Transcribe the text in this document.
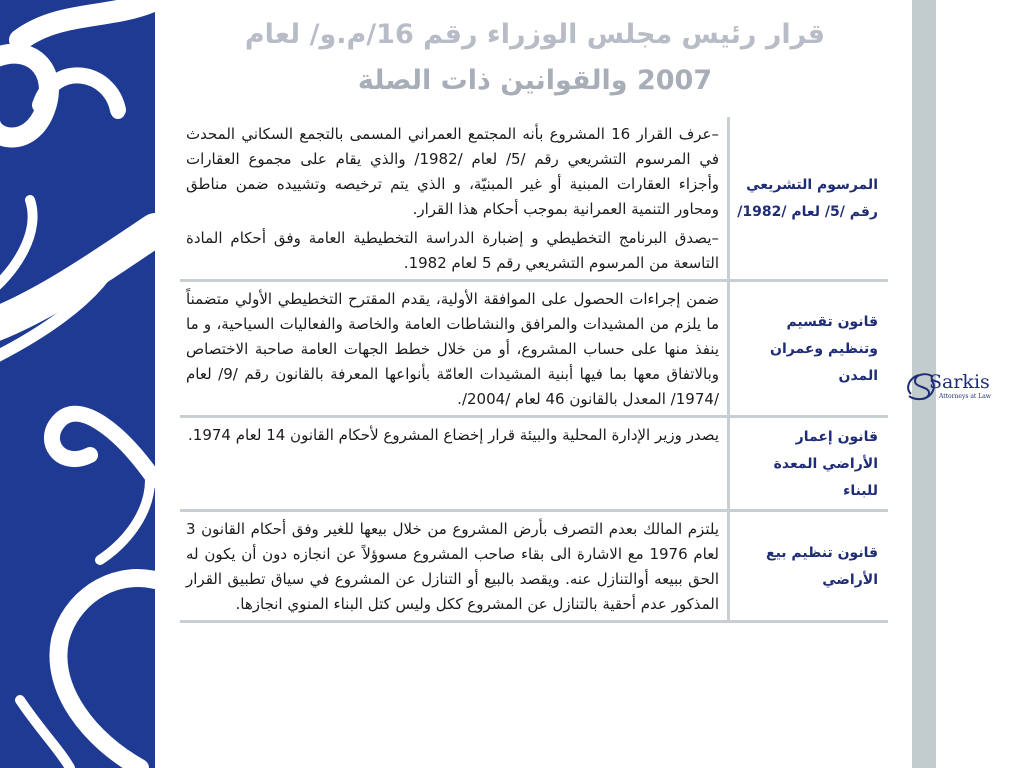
قرار رئيس مجلس الوزراء رقم 16/م.و/ لعام
2007 والقوانين ذات الصلة
المرسوم التشريعي رقم /5/ لعام /1982/	–عرف القرار 16 المشروع بأنه المجتمع العمراني المسمى بالتجمع السكاني المحدث في المرسوم التشريعي رقم /5/ لعام /1982/ والذي يقام على مجموع العقارات وأجزاء العقارات المبنية أو غير المبنيّة، و الذي يتم ترخيصه وتشييده ضمن مناطق ومحاور التنمية العمرانية بموجب أحكام هذا القرار.

–يصدق البرنامج التخطيطي و إضبارة الدراسة التخطيطية العامة وفق أحكام المادة التاسعة من المرسوم التشريعي رقم 5 لعام 1982.

قانون تقسيم وتنظيم وعمران المدن	ضمن إجراءات الحصول على الموافقة الأولية، يقدم المقترح التخطيطي الأولي متضمناً ما يلزم من المشيدات والمرافق والنشاطات العامة والخاصة والفعاليات السياحية، و ما ينفذ منها على حساب المشروع، أو من خلال خطط الجهات العامة صاحبة الاختصاص وبالاتفاق معها بما فيها أبنية المشيدات العامّة بأنواعها المعرفة بالقانون رقم /9/ لعام /1974/ المعدل بالقانون 46 لعام /2004/.

قانون إعمار الأراضي المعدة للبناء	يصدر وزير الإدارة المحلية والبيئة قرار إخضاع المشروع لأحكام القانون 14 لعام 1974.

قانون تنظيم بيع الأراضي	يلتزم المالك بعدم التصرف بأرض المشروع من خلال بيعها للغير وفق أحكام القانون 3 لعام 1976 مع الاشارة الى بقاء صاحب المشروع مسوؤلاً عن انجازه دون أن يكون له الحق ببيعه أوالتنازل عنه. ويقصد بالبيع أو التنازل عن المشروع في سياق تطبيق القرار المذكور عدم أحقية بالتنازل عن المشروع ككل وليس كتل البناء المنوي انجازها.

Sarkis
Attorneys at Law
